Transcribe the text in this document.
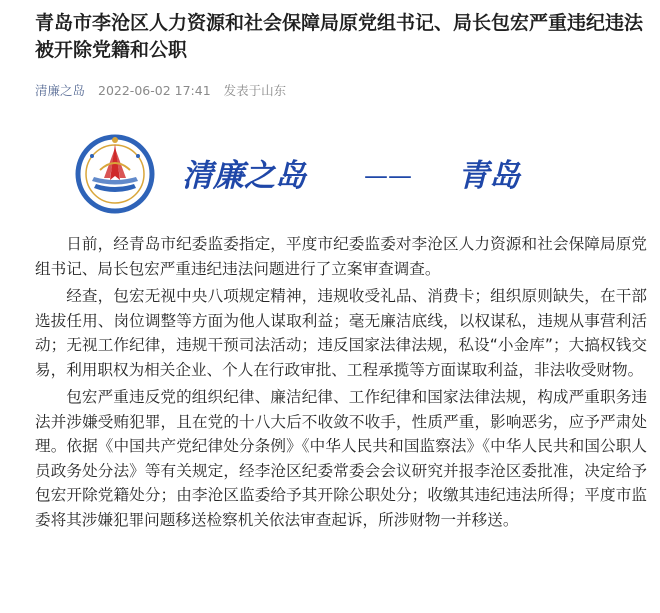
青岛市李沧区人力资源和社会保障局原党组书记、局长包宏严重违纪违法被开除党籍和公职
清廉之岛 2022-06-02 17:41 发表于山东
清廉之岛 —— 青岛

日前，经青岛市纪委监委指定，平度市纪委监委对李沧区人力资源和社会保障局原党组书记、局长包宏严重违纪违法问题进行了立案审查调查。

经查，包宏无视中央八项规定精神，违规收受礼品、消费卡；组织原则缺失，在干部选拔任用、岗位调整等方面为他人谋取利益；毫无廉洁底线，以权谋私，违规从事营利活动；无视工作纪律，违规干预司法活动；违反国家法律法规，私设“小金库”；大搞权钱交易，利用职权为相关企业、个人在行政审批、工程承揽等方面谋取利益，非法收受财物。

包宏严重违反党的组织纪律、廉洁纪律、工作纪律和国家法律法规，构成严重职务违法并涉嫌受贿犯罪，且在党的十八大后不收敛不收手，性质严重，影响恶劣，应予严肃处理。依据《中国共产党纪律处分条例》《中华人民共和国监察法》《中华人民共和国公职人员政务处分法》等有关规定，经李沧区纪委常委会会议研究并报李沧区委批准，决定给予包宏开除党籍处分；由李沧区监委给予其开除公职处分；收缴其违纪违法所得；平度市监委将其涉嫌犯罪问题移送检察机关依法审查起诉，所涉财物一并移送。
